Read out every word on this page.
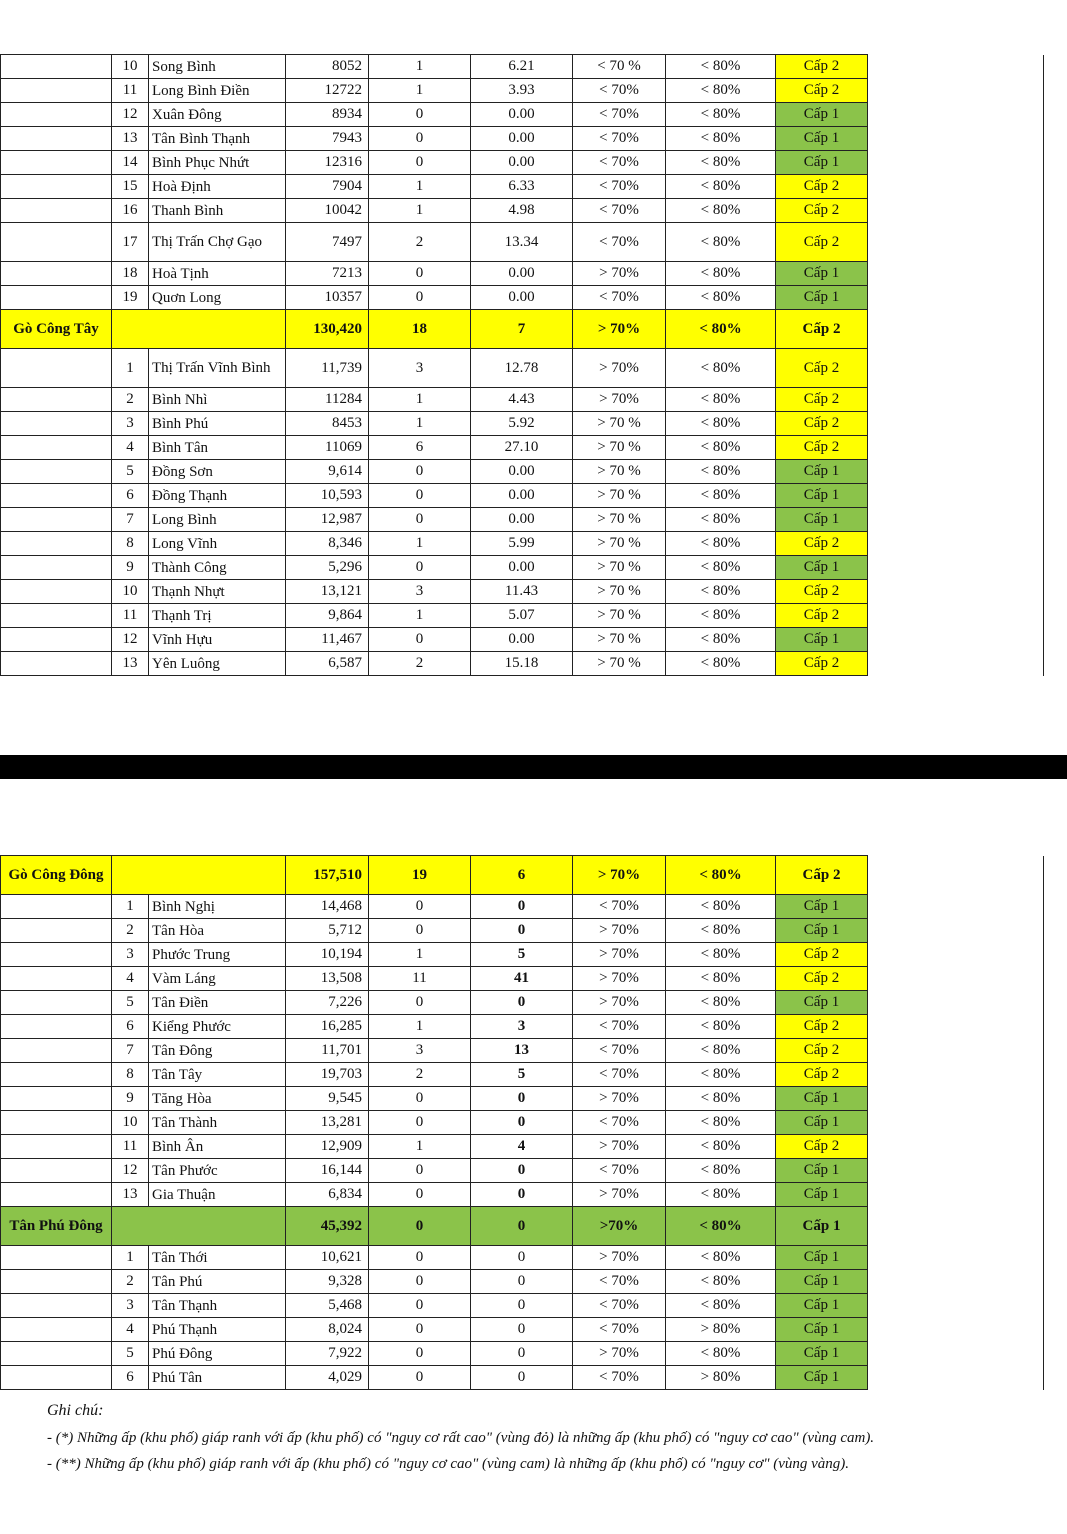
	10	Song Bình	8052	1	6.21	< 70 %	< 80%	Cấp 2	
	11	Long Bình Điền	12722	1	3.93	< 70%	< 80%	Cấp 2	
	12	Xuân Đông	8934	0	0.00	< 70%	< 80%	Cấp 1	
	13	Tân Bình Thạnh	7943	0	0.00	< 70%	< 80%	Cấp 1	
	14	Bình Phục Nhứt	12316	0	0.00	< 70%	< 80%	Cấp 1	
	15	Hoà Định	7904	1	6.33	< 70%	< 80%	Cấp 2	
	16	Thanh Bình	10042	1	4.98	< 70%	< 80%	Cấp 2	
	17	Thị Trấn Chợ Gạo	7497	2	13.34	< 70%	< 80%	Cấp 2	
	18	Hoà Tịnh	7213	0	0.00	> 70%	< 80%	Cấp 1	
	19	Quơn Long	10357	0	0.00	< 70%	< 80%	Cấp 1	
Gò Công Tây			130,420	18	7	> 70%	< 80%	Cấp 2	
	1	Thị Trấn Vĩnh Bình	11,739	3	12.78	> 70%	< 80%	Cấp 2	
	2	Bình Nhì	11284	1	4.43	> 70%	< 80%	Cấp 2	
	3	Bình Phú	8453	1	5.92	> 70 %	< 80%	Cấp 2	
	4	Bình Tân	11069	6	27.10	> 70 %	< 80%	Cấp 2	
	5	Đồng Sơn	9,614	0	0.00	> 70 %	< 80%	Cấp 1	
	6	Đồng Thạnh	10,593	0	0.00	> 70 %	< 80%	Cấp 1	
	7	Long Bình	12,987	0	0.00	> 70 %	< 80%	Cấp 1	
	8	Long Vĩnh	8,346	1	5.99	> 70 %	< 80%	Cấp 2	
	9	Thành Công	5,296	0	0.00	> 70 %	< 80%	Cấp 1	
	10	Thạnh Nhựt	13,121	3	11.43	> 70 %	< 80%	Cấp 2	
	11	Thạnh Trị	9,864	1	5.07	> 70 %	< 80%	Cấp 2	
	12	Vĩnh Hựu	11,467	0	0.00	> 70 %	< 80%	Cấp 1	
	13	Yên Luông	6,587	2	15.18	> 70 %	< 80%	Cấp 2	
Gò Công Đông			157,510	19	6	> 70%	< 80%	Cấp 2	
	1	Bình Nghị	14,468	0	0	< 70%	< 80%	Cấp 1	
	2	Tân Hòa	5,712	0	0	> 70%	< 80%	Cấp 1	
	3	Phước Trung	10,194	1	5	> 70%	< 80%	Cấp 2	
	4	Vàm Láng	13,508	11	41	> 70%	< 80%	Cấp 2	
	5	Tân Điền	7,226	0	0	> 70%	< 80%	Cấp 1	
	6	Kiểng Phước	16,285	1	3	< 70%	< 80%	Cấp 2	
	7	Tân Đông	11,701	3	13	< 70%	< 80%	Cấp 2	
	8	Tân Tây	19,703	2	5	< 70%	< 80%	Cấp 2	
	9	Tăng Hòa	9,545	0	0	> 70%	< 80%	Cấp 1	
	10	Tân Thành	13,281	0	0	< 70%	< 80%	Cấp 1	
	11	Bình Ân	12,909	1	4	> 70%	< 80%	Cấp 2	
	12	Tân Phước	16,144	0	0	< 70%	< 80%	Cấp 1	
	13	Gia Thuận	6,834	0	0	> 70%	< 80%	Cấp 1	
Tân Phú Đông			45,392	0	0	>70%	< 80%	Cấp 1	
	1	Tân Thới	10,621	0	0	> 70%	< 80%	Cấp 1	
	2	Tân Phú	9,328	0	0	< 70%	< 80%	Cấp 1	
	3	Tân Thạnh	5,468	0	0	< 70%	< 80%	Cấp 1	
	4	Phú Thạnh	8,024	0	0	< 70%	> 80%	Cấp 1	
	5	Phú Đông	7,922	0	0	> 70%	< 80%	Cấp 1	
	6	Phú Tân	4,029	0	0	< 70%	> 80%	Cấp 1	
Ghi chú:
- (*) Những ấp (khu phố) giáp ranh với ấp (khu phố) có "nguy cơ rất cao" (vùng đỏ) là những ấp (khu phố) có "nguy cơ cao" (vùng cam).
- (**) Những ấp (khu phố) giáp ranh với ấp (khu phố) có "nguy cơ cao" (vùng cam) là những ấp (khu phố) có "nguy cơ" (vùng vàng).
